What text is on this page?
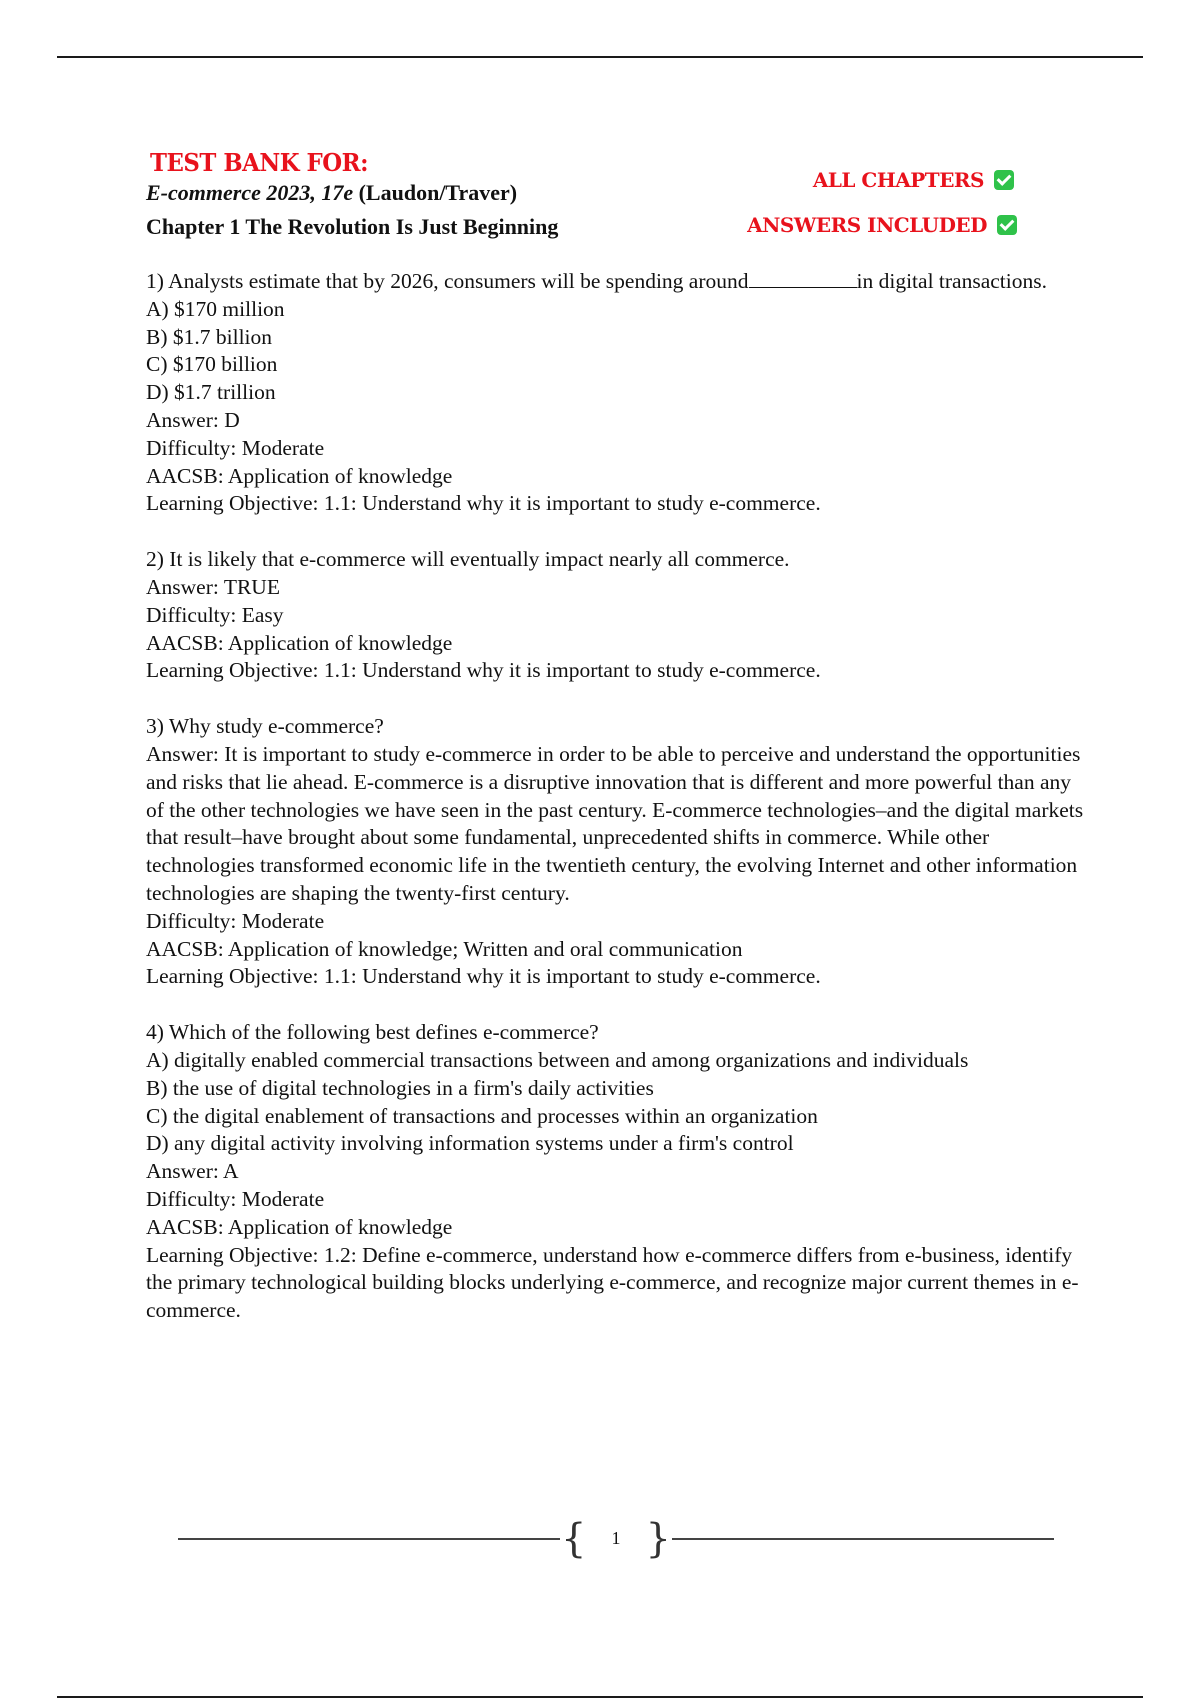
TEST BANK FOR:
E-commerce 2023, 17e (Laudon/Traver)
Chapter 1 The Revolution Is Just Beginning
ALL CHAPTERS
ANSWERS INCLUDED

1) Analysts estimate that by 2026, consumers will be spending around	in digital transactions.

A) $170 million

B) $1.7 billion

C) $170 billion

D) $1.7 trillion

Answer: D

Difficulty: Moderate

AACSB: Application of knowledge

Learning Objective: 1.1: Understand why it is important to study e-commerce.

2) It is likely that e-commerce will eventually impact nearly all commerce.

Answer: TRUE

Difficulty: Easy

AACSB: Application of knowledge

Learning Objective: 1.1: Understand why it is important to study e-commerce.

3) Why study e-commerce?

Answer: It is important to study e-commerce in order to be able to perceive and understand the opportunities and risks that lie ahead. E-commerce is a disruptive innovation that is different and more powerful than any of the other technologies we have seen in the past century. E-commerce technologies–and the digital markets that result–have brought about some fundamental, unprecedented shifts in commerce. While other technologies transformed economic life in the twentieth century, the evolving Internet and other information technologies are shaping the twenty-first century.

Difficulty: Moderate

AACSB: Application of knowledge; Written and oral communication

Learning Objective: 1.1: Understand why it is important to study e-commerce.

4) Which of the following best defines e-commerce?

A) digitally enabled commercial transactions between and among organizations and individuals

B) the use of digital technologies in a firm's daily activities

C) the digital enablement of transactions and processes within an organization

D) any digital activity involving information systems under a firm's control

Answer: A

Difficulty: Moderate

AACSB: Application of knowledge

Learning Objective: 1.2: Define e-commerce, understand how e-commerce differs from e-business, identify the primary technological building blocks underlying e-commerce, and recognize major current themes in e-commerce.

{	1 }
